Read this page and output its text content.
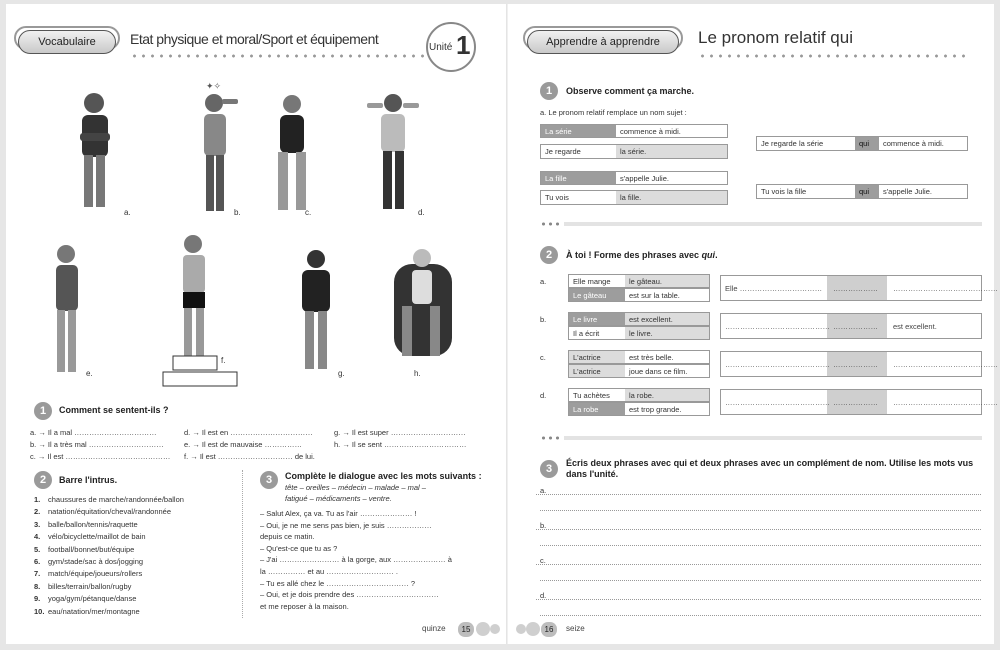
Vocabulaire	Etat physique et moral/Sport et équipement
Unité 1
a.
✦✧
b.	c.	d.
e.
f.
g.	h.
1	Comment se sentent-ils ?
a. → Il a mal ……………………………
b. → Il a très mal …………………………
c. → Il est ……………………………………
d. → Il est en ……………………………
e. → Il est de mauvaise ……………
f. → Il est ………………………… de lui.
g. → Il est super …………………………
h. → Il se sent ……………………………
2	Barre l'intrus.
1. chaussures de marche/randonnée/ballon
2. natation/équitation/cheval/randonnée
3. balle/ballon/tennis/raquette
4. vélo/bicyclette/maillot de bain
5. football/bonnet/but/équipe
6. gym/stade/sac à dos/jogging
7. match/équipe/joueurs/rollers
8. billes/terrain/ballon/rugby
9. yoga/gym/pétanque/danse
10. eau/natation/mer/montagne
3	Complète le dialogue avec les mots suivants :
tête – oreilles – médecin – malade – mal –
fatigué – médicaments – ventre.
– Salut Alex, ça va. Tu as l'air ………………… !
– Oui, je ne me sens pas bien, je suis ………………
depuis ce matin.
– Qu'est-ce que tu as ?
– J'ai …………………… à la gorge, aux ………………… à
la …………… et au ……………………… .
– Tu es allé chez le …………………………… ?
– Oui, et je dois prendre des ……………………………
et me reposer à la maison.
quinze	15
Apprendre à apprendre	Le pronom relatif qui
1	Observe comment ça marche.
a. Le pronom relatif remplace un nom sujet :
La série	commence à midi.
Je regarde	la série.
La fille	s'appelle Julie.
Tu vois	la fille.
Je regarde la série	qui	commence à midi.
Tu vois la fille	qui	s'appelle Julie.
2	À toi ! Forme des phrases avec qui.
a.	Elle mange	le gâteau.
Le gâteau	est sur la table.
Elle …………………………… ……………… ……………………………………
b.	Le livre	est excellent.
Il a écrit	le livre.
…………………………………… ……………… est excellent.
c.	L'actrice	est très belle.
L'actrice	joue dans ce film.
…………………………………… ……………… ……………………………………
d.	Tu achètes	la robe.
La robe	est trop grande.
…………………………………… ……………… ……………………………………
3	Écris deux phrases avec qui et deux phrases avec un complément de nom. Utilise les mots vus
dans l'unité.
a.
b.
c.
d.
16	seize
